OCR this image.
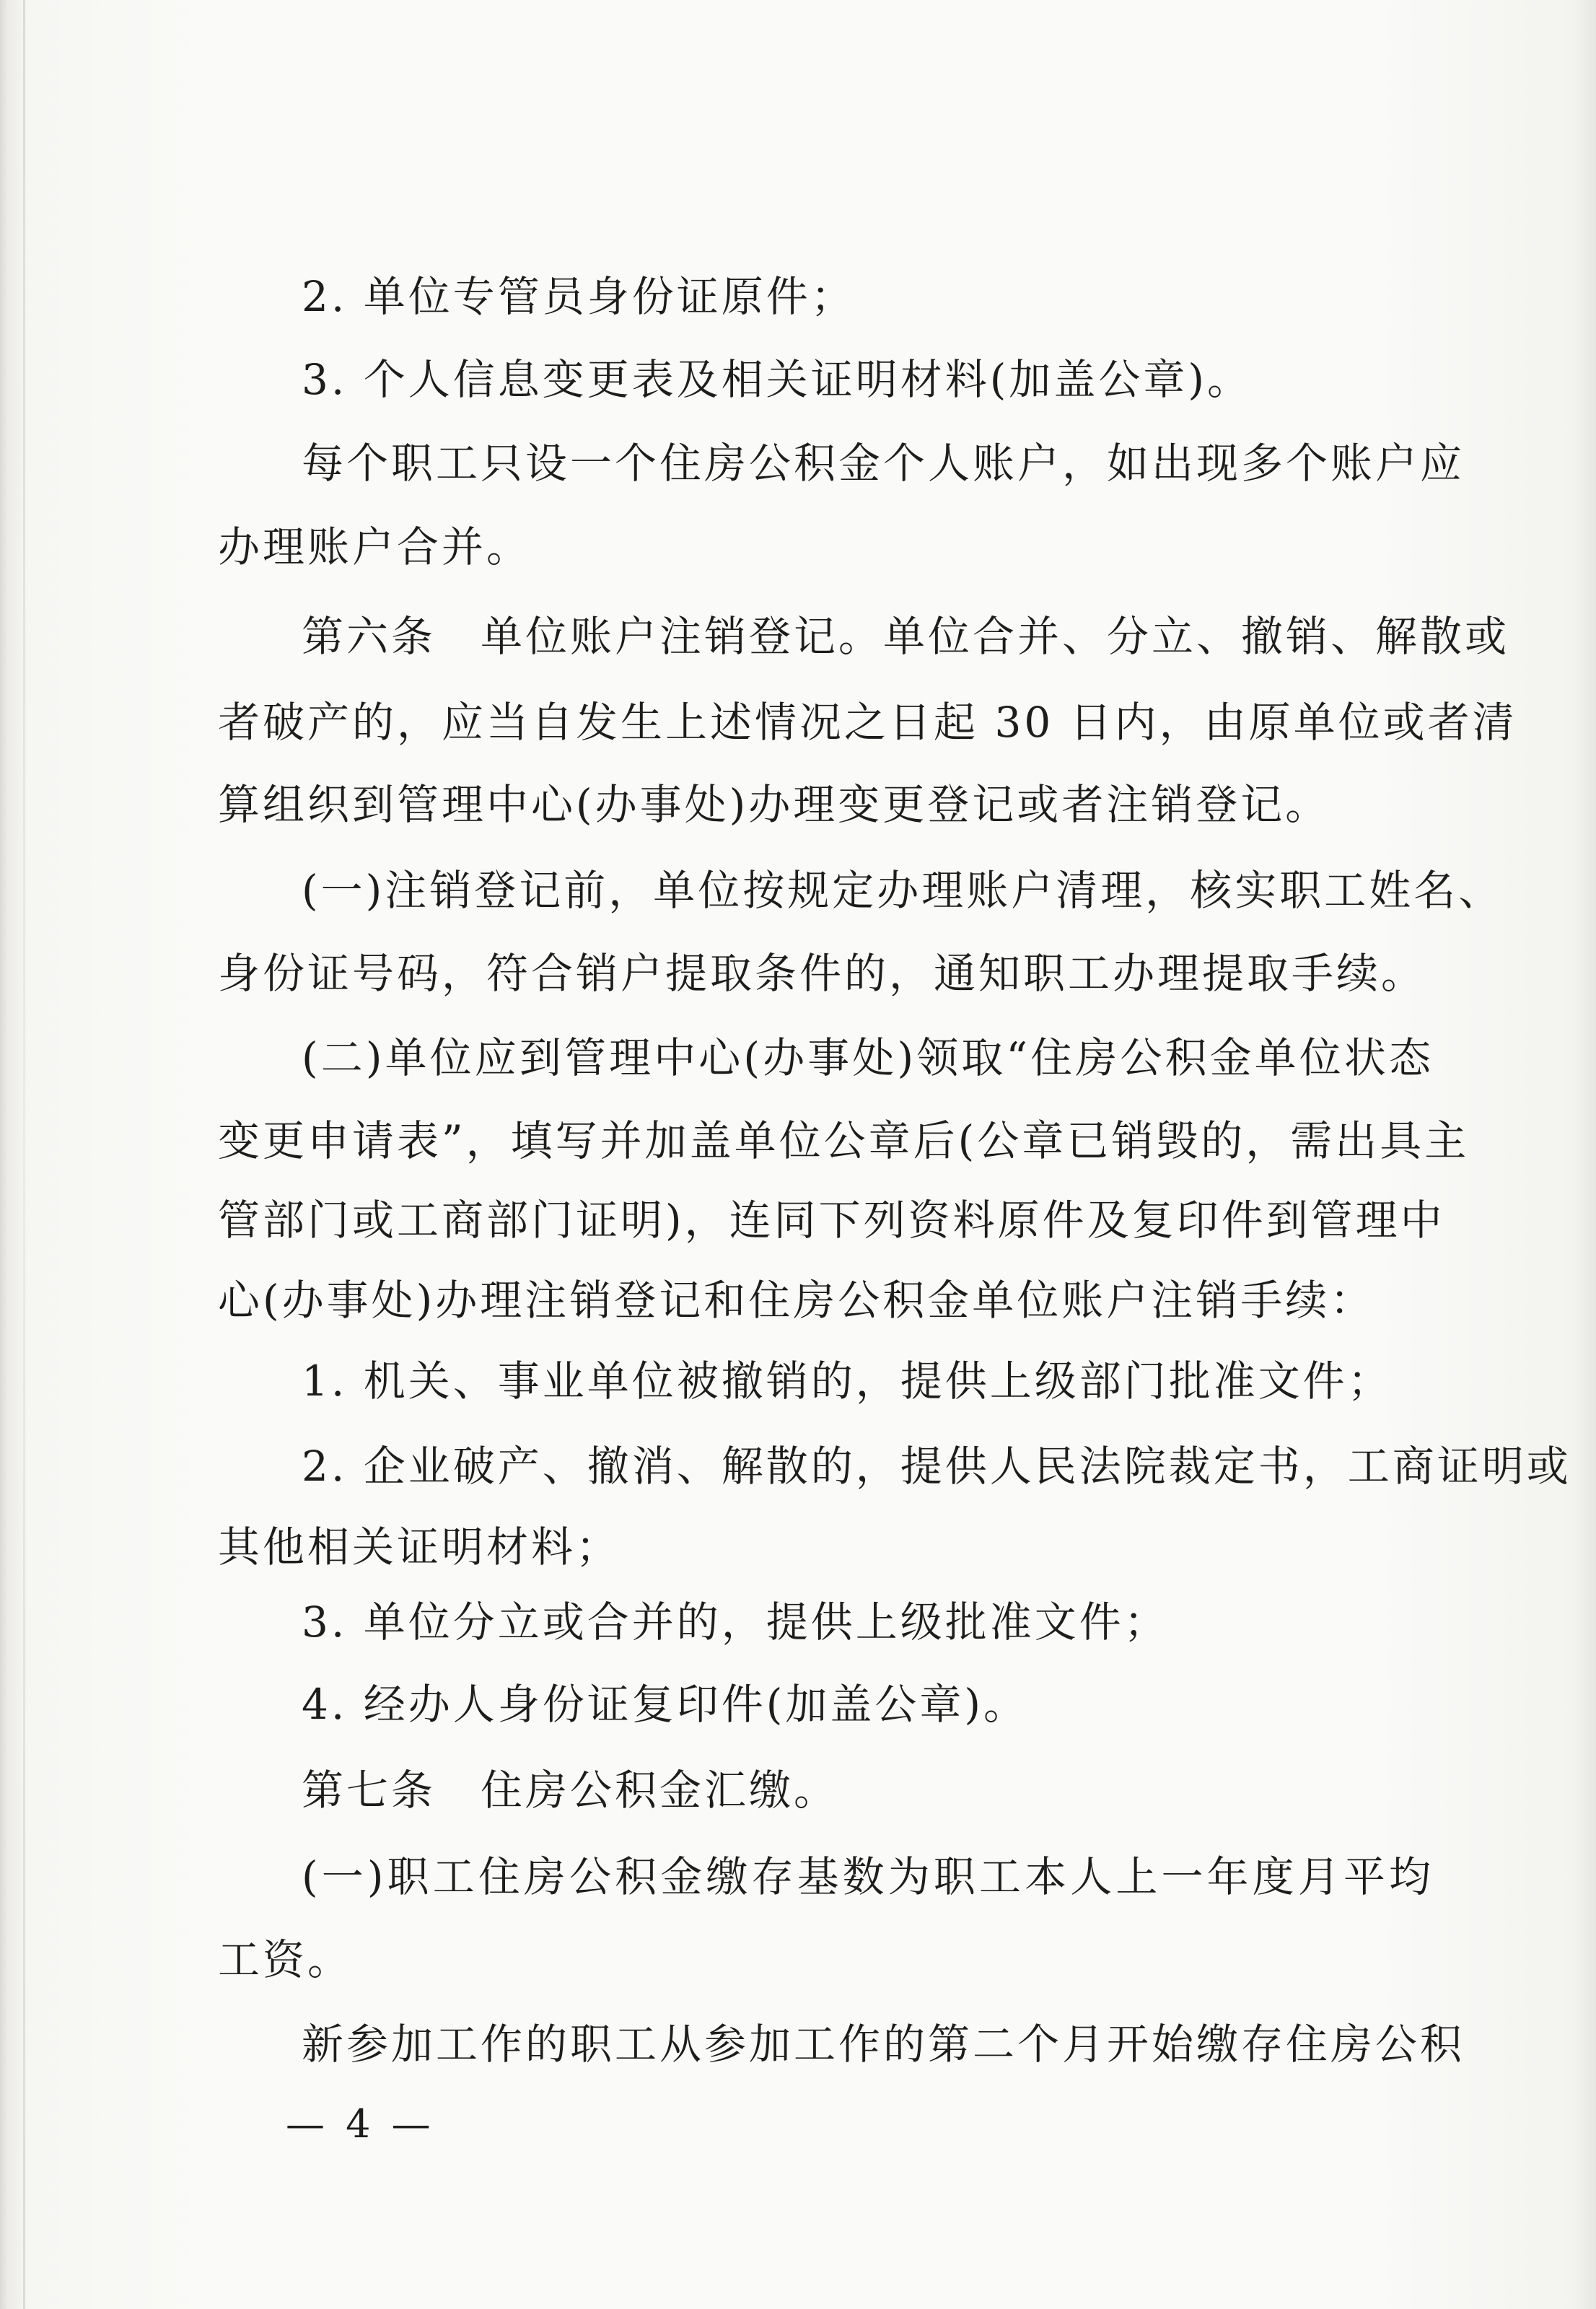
2. 单位专管员身份证原件；
3. 个人信息变更表及相关证明材料(加盖公章)。
每个职工只设一个住房公积金个人账户，如出现多个账户应
办理账户合并。
第六条　单位账户注销登记。单位合并、分立、撤销、解散或
者破产的，应当自发生上述情况之日起 30 日内，由原单位或者清
算组织到管理中心(办事处)办理变更登记或者注销登记。
(一)注销登记前，单位按规定办理账户清理，核实职工姓名、
身份证号码，符合销户提取条件的，通知职工办理提取手续。
(二)单位应到管理中心(办事处)领取“住房公积金单位状态
变更申请表”，填写并加盖单位公章后(公章已销毁的，需出具主
管部门或工商部门证明)，连同下列资料原件及复印件到管理中
心(办事处)办理注销登记和住房公积金单位账户注销手续：
1. 机关、事业单位被撤销的，提供上级部门批准文件；
2. 企业破产、撤消、解散的，提供人民法院裁定书，工商证明或
其他相关证明材料；
3. 单位分立或合并的，提供上级批准文件；
4. 经办人身份证复印件(加盖公章)。
第七条　住房公积金汇缴。
(一)职工住房公积金缴存基数为职工本人上一年度月平均
工资。
新参加工作的职工从参加工作的第二个月开始缴存住房公积
— 4 —
